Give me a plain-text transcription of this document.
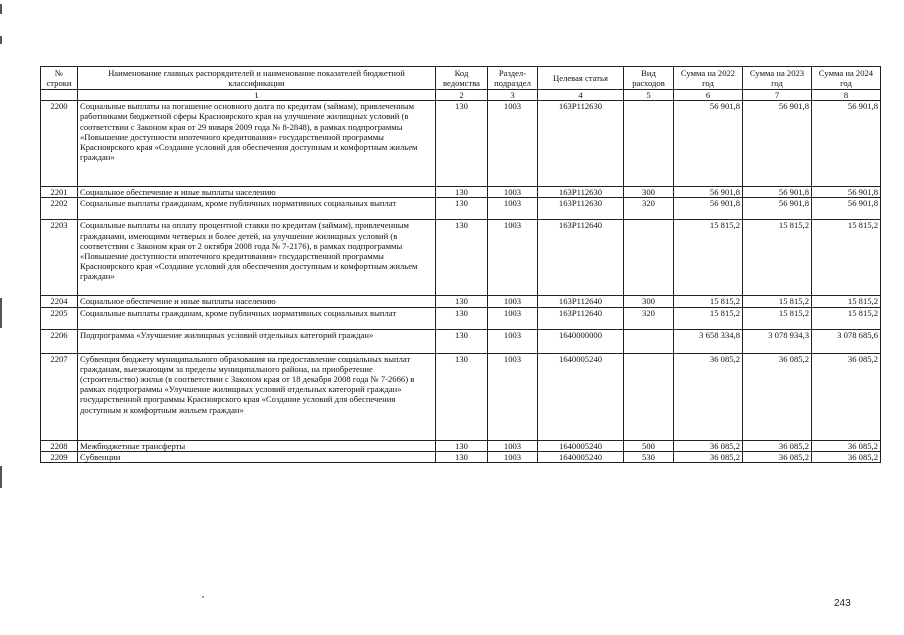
№ строки	Наименование главных распорядителей и наименование показателей бюджетной классификации	Код ведомства	Раздел-подраздел	Целевая статья	Вид расходов	Сумма на 2022 год	Сумма на 2023 год	Сумма на 2024 год
	1	2	3	4	5	6	7	8
2200	Социальные выплаты на погашение основного долга по кредитам (займам), привлеченным работниками бюджетной сферы Красноярского края на улучшение жилищных условий (в соответствии с Законом края от 29 января 2009 года № 8-2848), в рамках подпрограммы «Повышение доступности ипотечного кредитования» государственной программы Красноярского края «Создание условий для обеспечения доступным и комфортным жильем граждан»	130	1003	163Р112630		56 901,8	56 901,8	56 901,8
2201	Социальное обеспечение и иные выплаты населению	130	1003	163Р112630	300	56 901,8	56 901,8	56 901,8
2202	Социальные выплаты гражданам, кроме публичных нормативных социальных выплат	130	1003	163Р112630	320	56 901,8	56 901,8	56 901,8
2203	Социальные выплаты на оплату процентной ставки по кредитам (займам), привлеченным гражданами, имеющими четверых и более детей, на улучшение жилищных условий (в соответствии с Законом края от 2 октября 2008 года № 7-2176), в рамках подпрограммы «Повышение доступности ипотечного кредитования» государственной программы Красноярского края «Создание условий для обеспечения доступным и комфортным жильем граждан»	130	1003	163Р112640		15 815,2	15 815,2	15 815,2
2204	Социальное обеспечение и иные выплаты населению	130	1003	163Р112640	300	15 815,2	15 815,2	15 815,2
2205	Социальные выплаты гражданам, кроме публичных нормативных социальных выплат	130	1003	163Р112640	320	15 815,2	15 815,2	15 815,2
2206	Подпрограмма «Улучшение жилищных условий отдельных категорий граждан»	130	1003	1640000000		3 658 334,8	3 078 934,3	3 078 685,6
2207	Субвенция бюджету муниципального образования на предоставление социальных выплат гражданам, выезжающим за пределы муниципального района, на приобретение (строительство) жилья (в соответствии с Законом края от 18 декабря 2008 года № 7-2666) в рамках подпрограммы «Улучшение жилищных условий отдельных категорий граждан» государственной программы Красноярского края «Создание условий для обеспечения доступным и комфортным жильем граждан»	130	1003	1640005240		36 085,2	36 085,2	36 085,2
2208	Межбюджетные трансферты	130	1003	1640005240	500	36 085,2	36 085,2	36 085,2
2209	Субвенции	130	1003	1640005240	530	36 085,2	36 085,2	36 085,2
243
